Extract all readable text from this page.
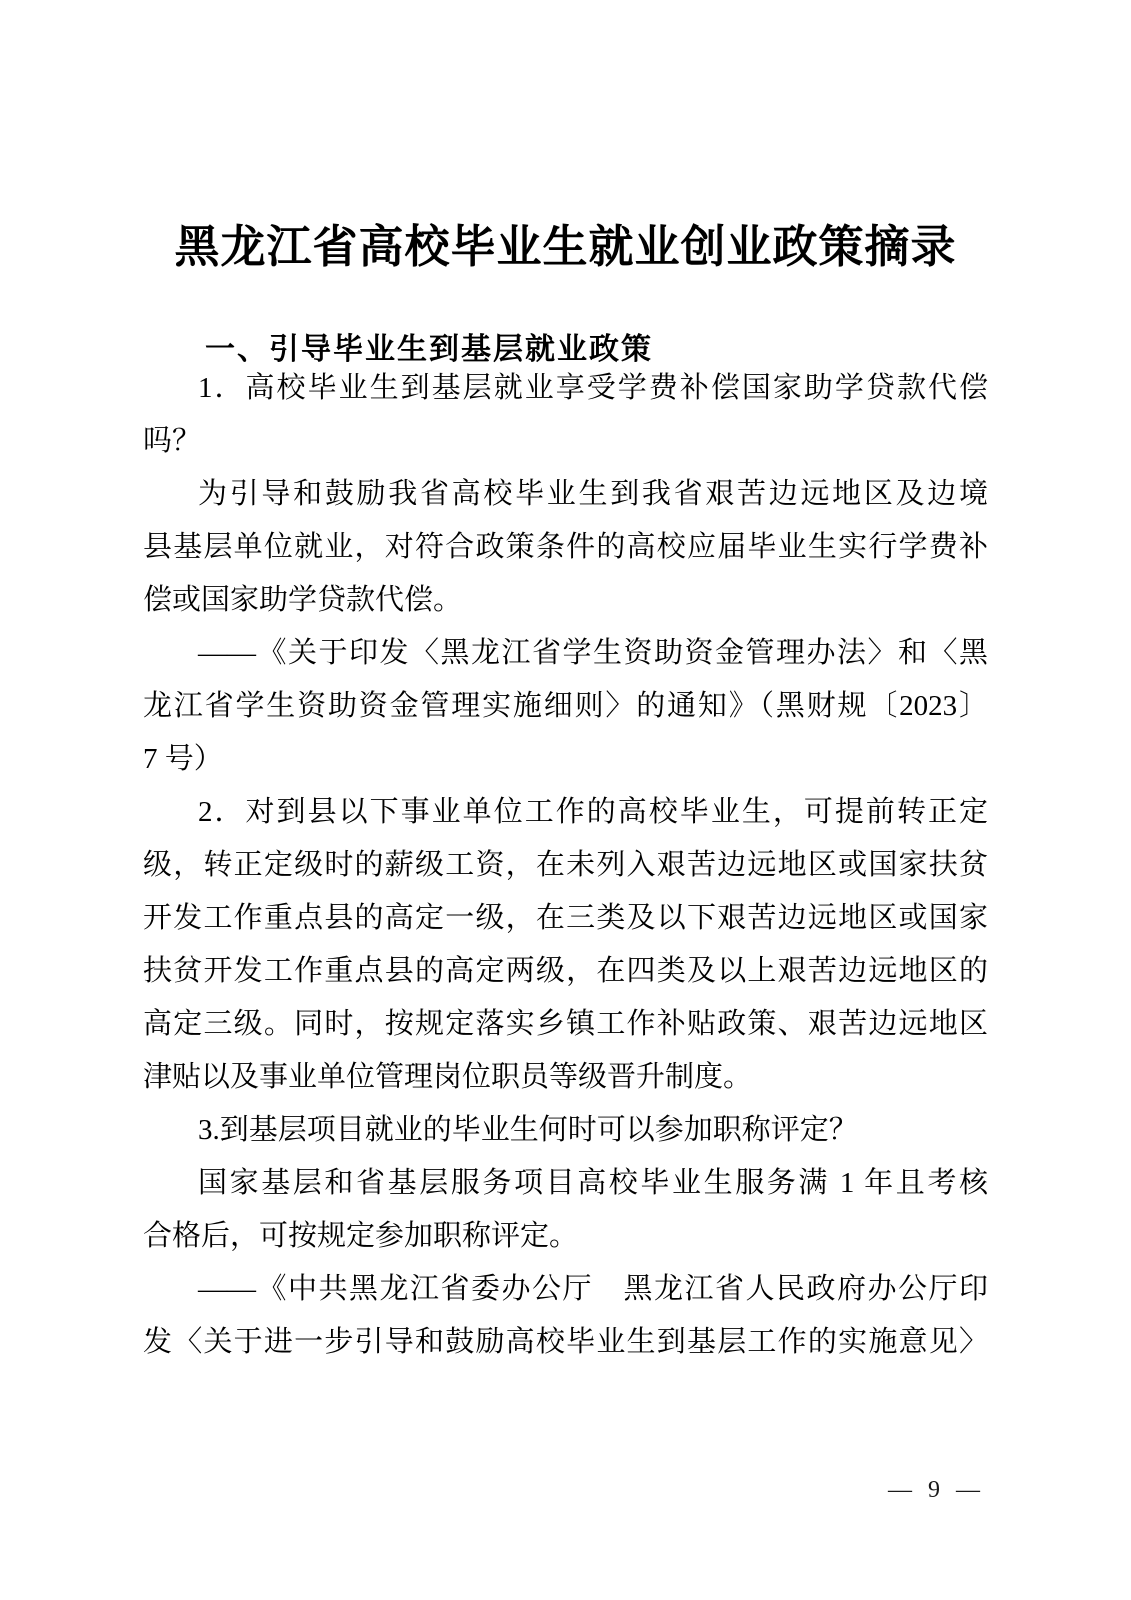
黑龙江省高校毕业生就业创业政策摘录
一、引导毕业生到基层就业政策
1．高校毕业生到基层就业享受学费补偿国家助学贷款代偿
吗？
为引导和鼓励我省高校毕业生到我省艰苦边远地区及边境
县基层单位就业，对符合政策条件的高校应届毕业生实行学费补
偿或国家助学贷款代偿。
——《关于印发〈黑龙江省学生资助资金管理办法〉和〈黑
龙江省学生资助资金管理实施细则〉的通知》（黑财规〔2023〕
7 号）
2．对到县以下事业单位工作的高校毕业生，可提前转正定
级，转正定级时的薪级工资，在未列入艰苦边远地区或国家扶贫
开发工作重点县的高定一级，在三类及以下艰苦边远地区或国家
扶贫开发工作重点县的高定两级，在四类及以上艰苦边远地区的
高定三级。同时，按规定落实乡镇工作补贴政策、艰苦边远地区
津贴以及事业单位管理岗位职员等级晋升制度。
3.到基层项目就业的毕业生何时可以参加职称评定？
国家基层和省基层服务项目高校毕业生服务满 1 年且考核
合格后，可按规定参加职称评定。
——《中共黑龙江省委办公厅　黑龙江省人民政府办公厅印
发〈关于进一步引导和鼓励高校毕业生到基层工作的实施意见〉
— 9 —
